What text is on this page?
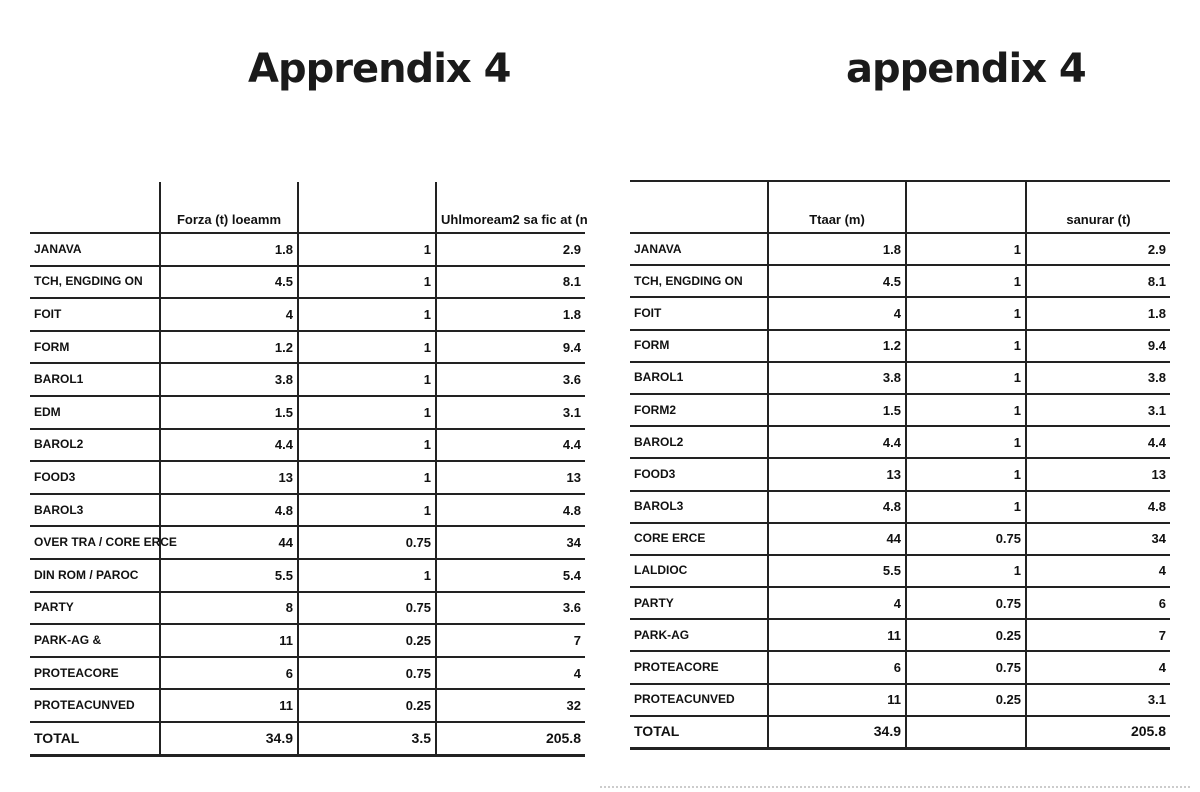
Apprendix 4	appendix 4
	Forza (t) loeamm		Uhlmoream2 sa fic at (n
JANAVA	1.8	1	2.9
TCH, ENGDING ON	4.5	1	8.1
FOIT	4	1	1.8
FORM	1.2	1	9.4
BAROL1	3.8	1	3.6
EDM	1.5	1	3.1
BAROL2	4.4	1	4.4
FOOD3	13	1	13
BAROL3	4.8	1	4.8
OVER TRA / CORE ERCE	44	0.75	34
DIN ROM / PAROC	5.5	1	5.4
PARTY	8	0.75	3.6
PARK-AG &	11	0.25	7
PROTEACORE	6	0.75	4
PROTEACUNVED	11	0.25	32
TOTAL	34.9	3.5	205.8
	Ttaar (m)		sanurar (t)
JANAVA	1.8	1	2.9
TCH, ENGDING ON	4.5	1	8.1
FOIT	4	1	1.8
FORM	1.2	1	9.4
BAROL1	3.8	1	3.8
FORM2	1.5	1	3.1
BAROL2	4.4	1	4.4
FOOD3	13	1	13
BAROL3	4.8	1	4.8
CORE ERCE	44	0.75	34
LALDIOC	5.5	1	4
PARTY	4	0.75	6
PARK-AG	11	0.25	7
PROTEACORE	6	0.75	4
PROTEACUNVED	11	0.25	3.1
TOTAL	34.9		205.8
